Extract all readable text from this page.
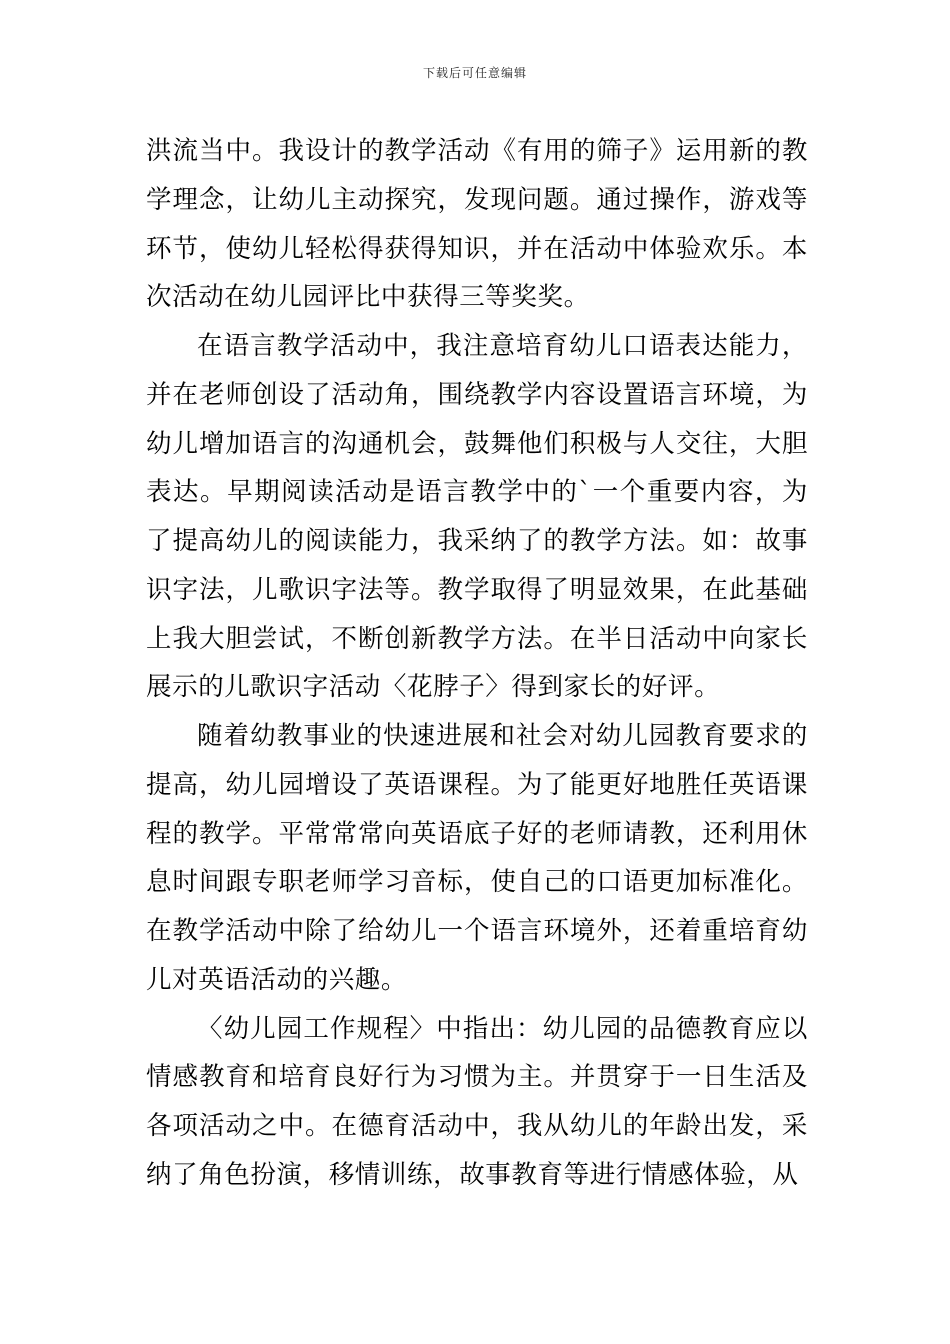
下载后可任意编辑

洪流当中。我设计的教学活动《有用的筛子》运用新的教学理念，让幼儿主动探究，发现问题。通过操作，游戏等环节，使幼儿轻松得获得知识，并在活动中体验欢乐。本次活动在幼儿园评比中获得三等奖奖。

在语言教学活动中，我注意培育幼儿口语表达能力，并在老师创设了活动角，围绕教学内容设置语言环境，为幼儿增加语言的沟通机会，鼓舞他们积极与人交往，大胆表达。早期阅读活动是语言教学中的`一个重要内容，为了提高幼儿的阅读能力，我采纳了的教学方法。如：故事识字法，儿歌识字法等。教学取得了明显效果，在此基础上我大胆尝试，不断创新教学方法。在半日活动中向家长展示的儿歌识字活动〈花脖子〉得到家长的好评。

随着幼教事业的快速进展和社会对幼儿园教育要求的提高，幼儿园增设了英语课程。为了能更好地胜任英语课程的教学。平常常常向英语底子好的老师请教，还利用休息时间跟专职老师学习音标，使自己的口语更加标准化。在教学活动中除了给幼儿一个语言环境外，还着重培育幼儿对英语活动的兴趣。

〈幼儿园工作规程〉中指出：幼儿园的品德教育应以情感教育和培育良好行为习惯为主。并贯穿于一日生活及各项活动之中。在德育活动中，我从幼儿的年龄出发，采纳了角色扮演，移情训练，故事教育等进行情感体验，从
